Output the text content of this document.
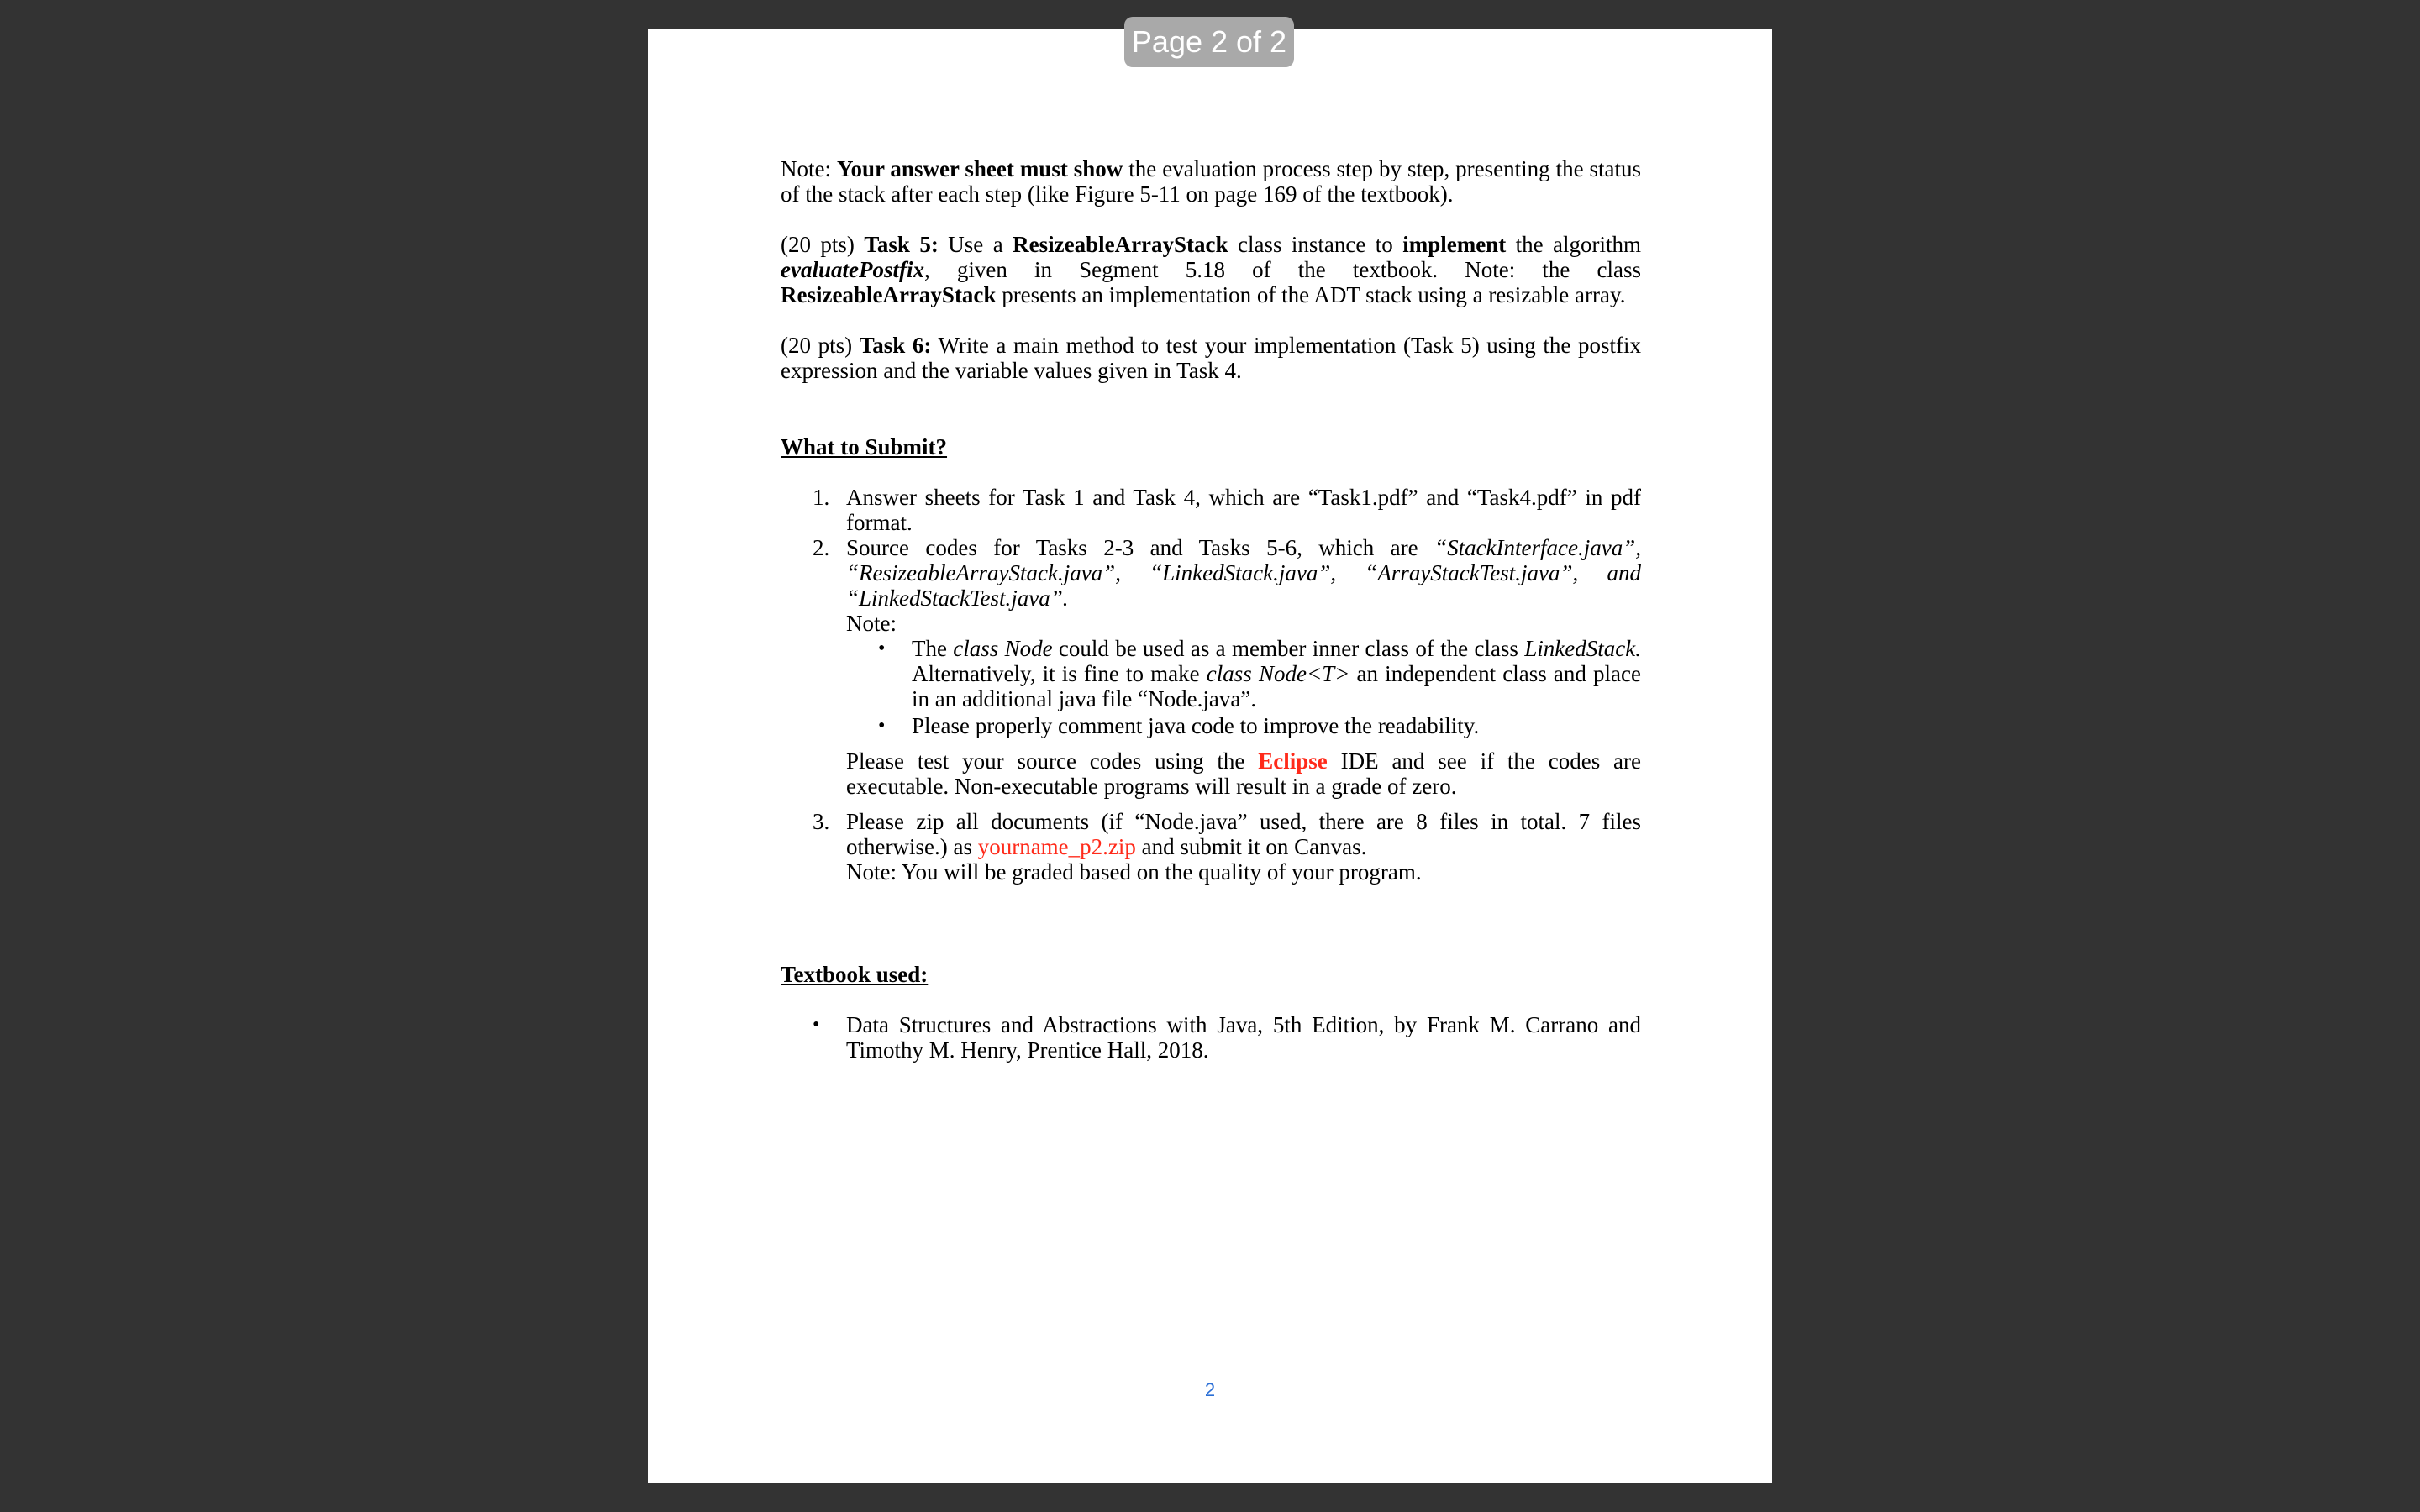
Note: Your answer sheet must show the evaluation process step by step, presenting the status of the stack after each step (like Figure 5-11 on page 169 of the textbook).

(20 pts) Task 5: Use a ResizeableArrayStack class instance to implement the algorithm evaluatePostfix, given in Segment 5.18 of the textbook. Note: the class ResizeableArrayStack presents an implementation of the ADT stack using a resizable array.

(20 pts) Task 6: Write a main method to test your implementation (Task 5) using the postfix expression and the variable values given in Task 4.

What to Submit?

1. Answer sheets for Task 1 and Task 4, which are “Task1.pdf” and “Task4.pdf” in pdf format.
2. Source codes for Tasks 2-3 and Tasks 5-6, which are “StackInterface.java”, “ResizeableArrayStack.java”, “LinkedStack.java”, “ArrayStackTest.java”, and “LinkedStackTest.java”.
Note:
• The class Node could be used as a member inner class of the class LinkedStack. Alternatively, it is fine to make class Node<T> an independent class and place in an additional java file “Node.java”.
• Please properly comment java code to improve the readability.
Please test your source codes using the Eclipse IDE and see if the codes are executable. Non-executable programs will result in a grade of zero.
3. Please zip all documents (if “Node.java” used, there are 8 files in total. 7 files otherwise.) as yourname_p2.zip and submit it on Canvas.
Note: You will be graded based on the quality of your program.

Textbook used:

• Data Structures and Abstractions with Java, 5th Edition, by Frank M. Carrano and Timothy M. Henry, Prentice Hall, 2018.
2
Page 2 of 2
